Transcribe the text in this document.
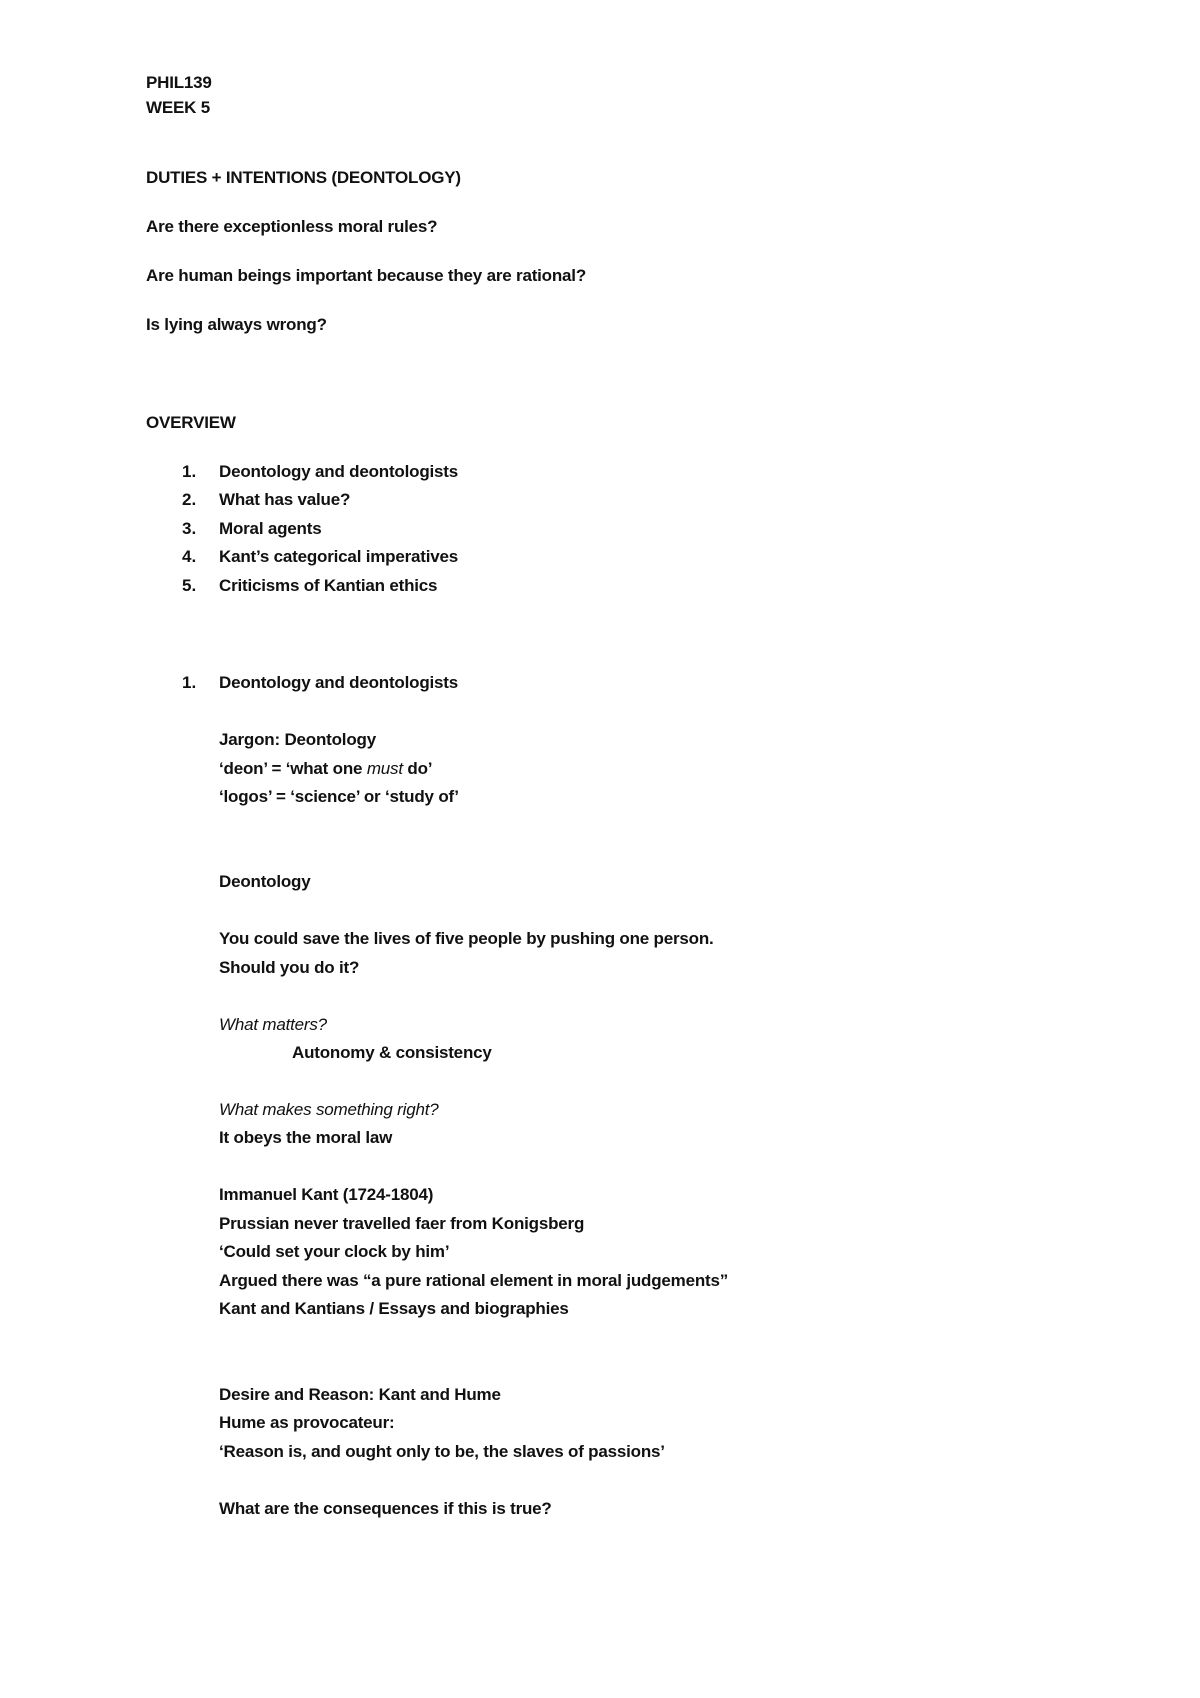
PHIL139
WEEK 5
DUTIES + INTENTIONS (DEONTOLOGY)
Are there exceptionless moral rules?
Are human beings important because they are rational?
Is lying always wrong?
OVERVIEW
1. Deontology and deontologists
2. What has value?
3. Moral agents
4. Kant’s categorical imperatives
5. Criticisms of Kantian ethics
1. Deontology and deontologists
Jargon: Deontology
‘deon’ = ‘what one must do’
‘logos’ = ‘science’ or ‘study of’
Deontology
You could save the lives of five people by pushing one person.
Should you do it?
What matters?
Autonomy & consistency
What makes something right?
It obeys the moral law
Immanuel Kant (1724-1804)
Prussian never travelled faer from Konigsberg
‘Could set your clock by him’
Argued there was “a pure rational element in moral judgements”
Kant and Kantians / Essays and biographies
Desire and Reason: Kant and Hume
Hume as provocateur:
‘Reason is, and ought only to be, the slaves of passions’
What are the consequences if this is true?
